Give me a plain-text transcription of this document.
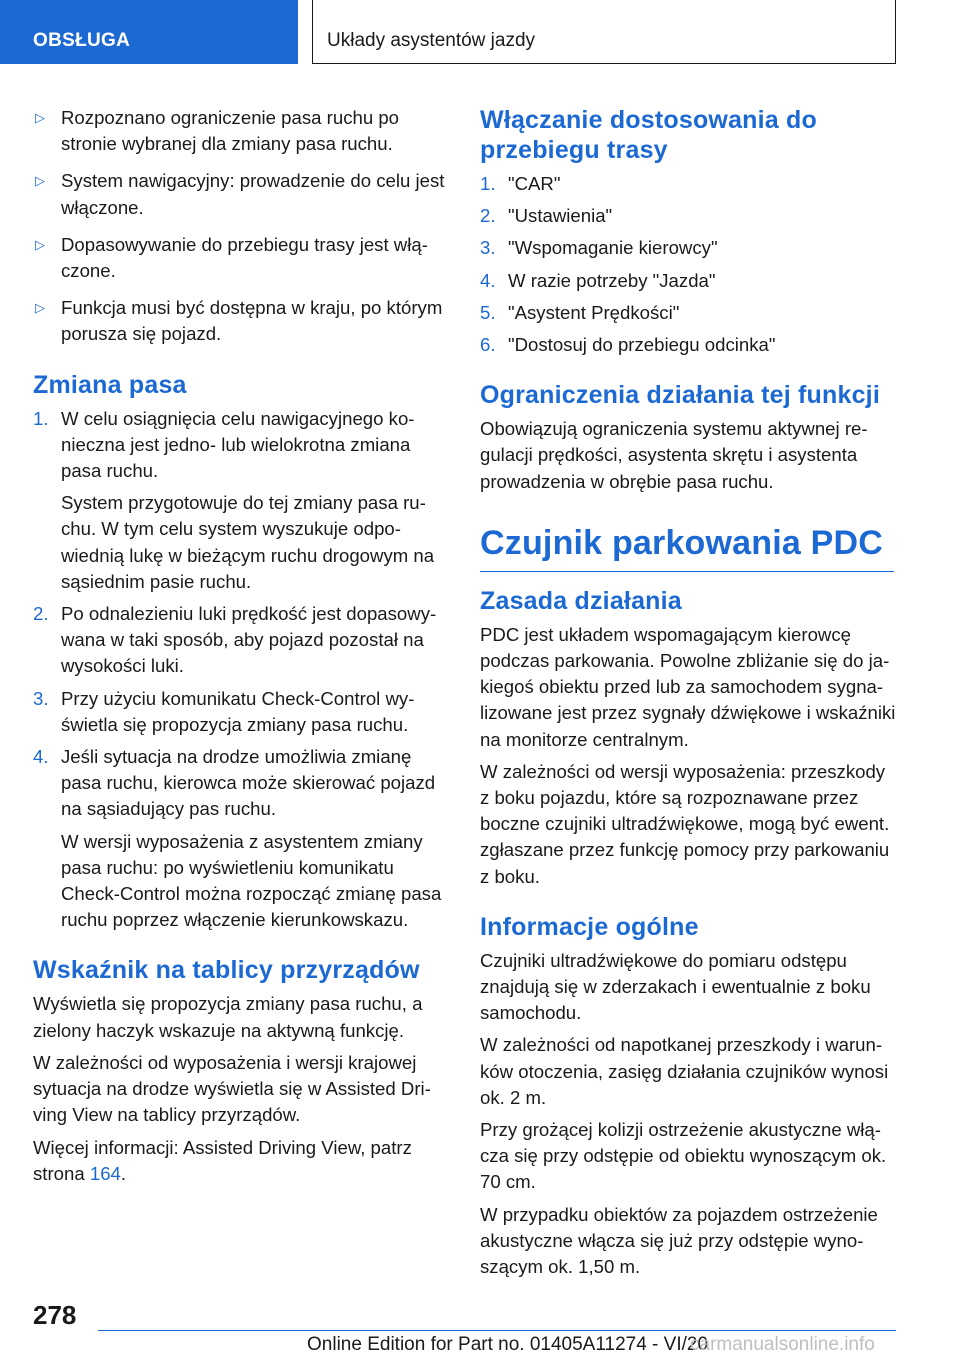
OBSŁUGA	Układy asystentów jazdy
▷ Rozpoznano ograniczenie pasa ruchu po stronie wybranej dla zmiany pasa ruchu.
▷ System nawigacyjny: prowadzenie do celu jest włączone.
▷ Dopasowywanie do przebiegu trasy jest włączone.
▷ Funkcja musi być dostępna w kraju, po którym porusza się pojazd.
Zmiana pasa
1. W celu osiągnięcia celu nawigacyjnego konieczna jest jedno- lub wielokrotna zmiana pasa ruchu.

System przygotowuje do tej zmiany pasa ruchu. W tym celu system wyszukuje odpowiednią lukę w bieżącym ruchu drogowym na sąsiednim pasie ruchu.

2. Po odnalezieniu luki prędkość jest dopasowywana w taki sposób, aby pojazd pozostał na wysokości luki.

3. Przy użyciu komunikatu Check-Control wyświetla się propozycja zmiany pasa ruchu.

4. Jeśli sytuacja na drodze umożliwia zmianę pasa ruchu, kierowca może skierować pojazd na sąsiadujący pas ruchu.

W wersji wyposażenia z asystentem zmiany pasa ruchu: po wyświetleniu komunikatu Check-Control można rozpocząć zmianę pasa ruchu poprzez włączenie kierunkowskazu.

Wskaźnik na tablicy przyrządów

Wyświetla się propozycja zmiany pasa ruchu, a zielony haczyk wskazuje na aktywną funkcję.

W zależności od wyposażenia i wersji krajowej sytuacja na drodze wyświetla się w Assisted Driving View na tablicy przyrządów.

Więcej informacji: Assisted Driving View, patrz strona 164.

Włączanie dostosowania do przebiegu trasy
1. "CAR"
2. "Ustawienia"
3. "Wspomaganie kierowcy"
4. W razie potrzeby "Jazda"
5. "Asystent Prędkości"
6. "Dostosuj do przebiegu odcinka"
Ograniczenia działania tej funkcji

Obowiązują ograniczenia systemu aktywnej regulacji prędkości, asystenta skrętu i asystenta prowadzenia w obrębie pasa ruchu.

Czujnik parkowania PDC
Zasada działania

PDC jest układem wspomagającym kierowcę podczas parkowania. Powolne zbliżanie się do jakiegoś obiektu przed lub za samochodem sygnalizowane jest przez sygnały dźwiękowe i wskaźniki na monitorze centralnym.

W zależności od wersji wyposażenia: przeszkody z boku pojazdu, które są rozpoznawane przez boczne czujniki ultradźwiękowe, mogą być ewent. zgłaszane przez funkcję pomocy przy parkowaniu z boku.

Informacje ogólne

Czujniki ultradźwiękowe do pomiaru odstępu znajdują się w zderzakach i ewentualnie z boku samochodu.

W zależności od napotkanej przeszkody i warunków otoczenia, zasięg działania czujników wynosi ok. 2 m.

Przy grożącej kolizji ostrzeżenie akustyczne włącza się przy odstępie od obiektu wynoszącym ok. 70 cm.

W przypadku obiektów za pojazdem ostrzeżenie akustyczne włącza się już przy odstępie wynoszącym ok. 1,50 m.

278
Online Edition for Part no. 01405A11274 - VI/20
carmanualsonline.info
